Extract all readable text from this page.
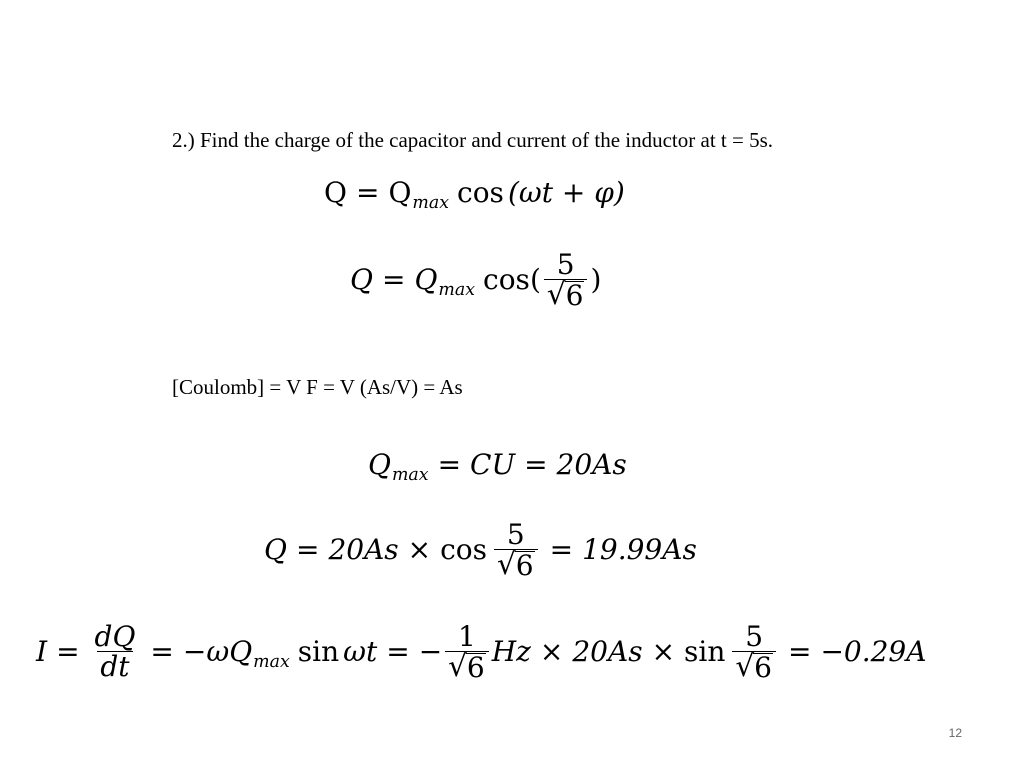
2.) Find the charge of the capacitor and current of the inductor at t = 5s.
$Q = Q_{max}$ cos (ωt + φ)
$Q = Q_{max}$ cos ( $\frac{5}{√ 6}$ )
[Coulomb] = V F = V (As/V) = As
$Q_{max}$ = CU = 20As
$Q = 20As \times \cos \frac{5}{√ 6} = 19.99As$
$I = \frac{dQ}{dt} = -\omega$ $Q_{max}$ sin ωt = − $\frac{1}{√ 6}$ $Hz \times 20As \times \sin \frac{5}{√ 6} = -0.29A$
12
